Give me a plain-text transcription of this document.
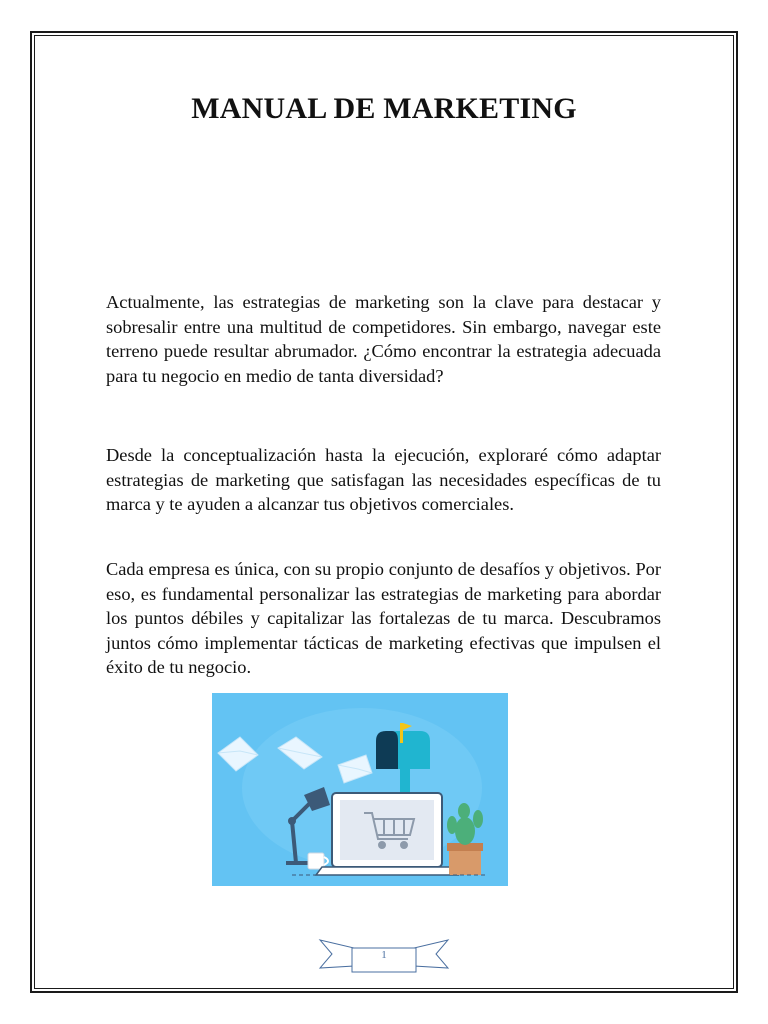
MANUAL DE MARKETING

Actualmente, las estrategias de marketing son la clave para destacar y sobresalir entre una multitud de competidores. Sin embargo, navegar este terreno puede resultar abrumador. ¿Cómo encontrar la estrategia adecuada para tu negocio en medio de tanta diversidad?

Desde la conceptualización hasta la ejecución, exploraré cómo adaptar estrategias de marketing que satisfagan las necesidades específicas de tu marca y te ayuden a alcanzar tus objetivos comerciales.

Cada empresa es única, con su propio conjunto de desafíos y objetivos. Por eso, es fundamental personalizar las estrategias de marketing para abordar los puntos débiles y capitalizar las fortalezas de tu marca. Descubramos juntos cómo implementar tácticas de marketing efectivas que impulsen el éxito de tu negocio.

1
